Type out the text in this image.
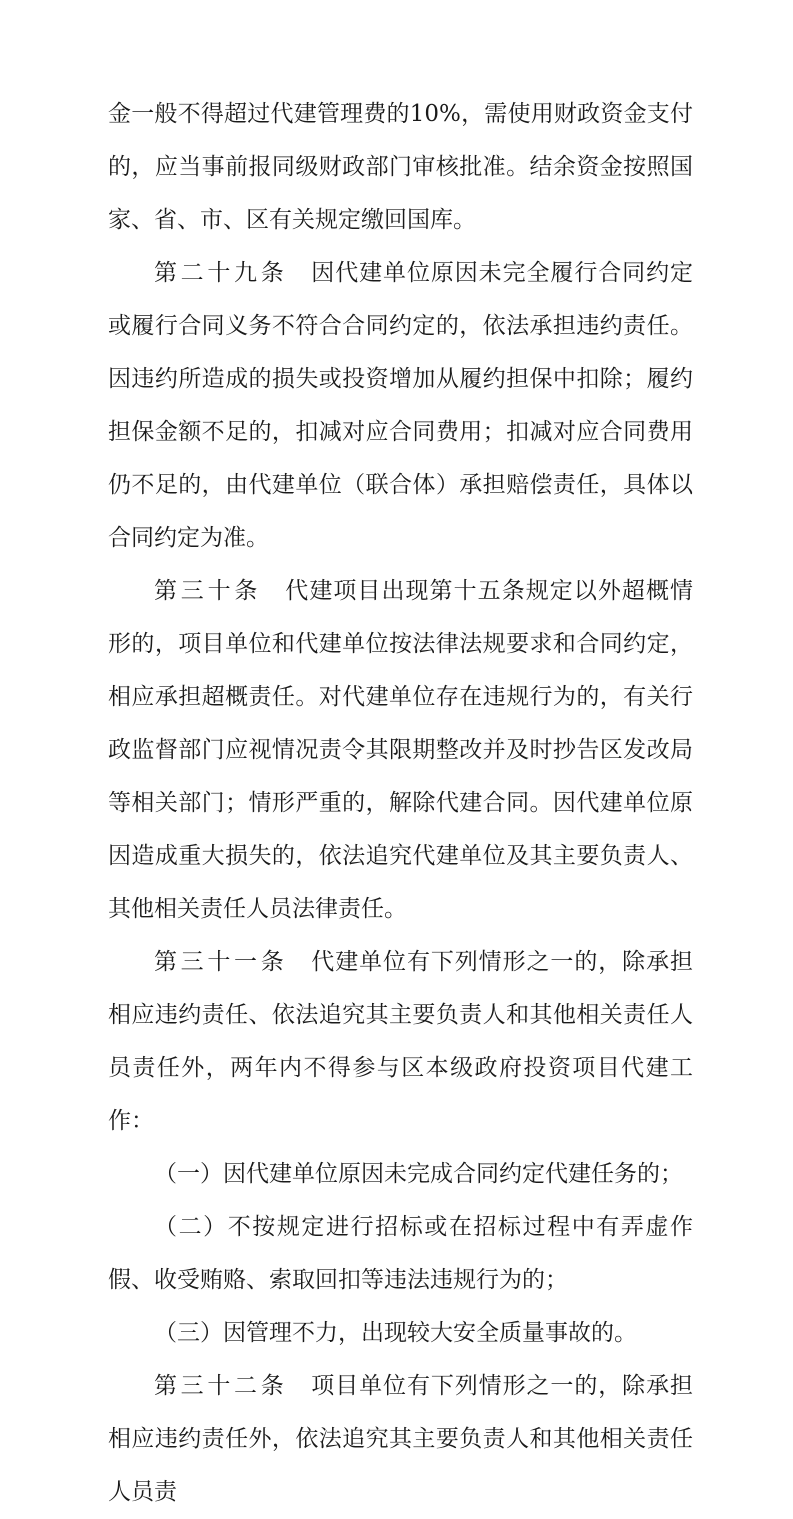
金一般不得超过代建管理费的10%，需使用财政资金支付的，应当事前报同级财政部门审核批准。结余资金按照国家、省、市、区有关规定缴回国库。

第二十九条 因代建单位原因未完全履行合同约定或履行合同义务不符合合同约定的，依法承担违约责任。因违约所造成的损失或投资增加从履约担保中扣除；履约担保金额不足的，扣减对应合同费用；扣减对应合同费用仍不足的，由代建单位（联合体）承担赔偿责任，具体以合同约定为准。

第三十条 代建项目出现第十五条规定以外超概情形的，项目单位和代建单位按法律法规要求和合同约定，相应承担超概责任。对代建单位存在违规行为的，有关行政监督部门应视情况责令其限期整改并及时抄告区发改局等相关部门；情形严重的，解除代建合同。因代建单位原因造成重大损失的，依法追究代建单位及其主要负责人、其他相关责任人员法律责任。

第三十一条 代建单位有下列情形之一的，除承担相应违约责任、依法追究其主要负责人和其他相关责任人员责任外，两年内不得参与区本级政府投资项目代建工作：

（一）因代建单位原因未完成合同约定代建任务的；

（二）不按规定进行招标或在招标过程中有弄虚作假、收受贿赂、索取回扣等违法违规行为的；

（三）因管理不力，出现较大安全质量事故的。

第三十二条 项目单位有下列情形之一的，除承担相应违约责任外，依法追究其主要负责人和其他相关责任人员责
